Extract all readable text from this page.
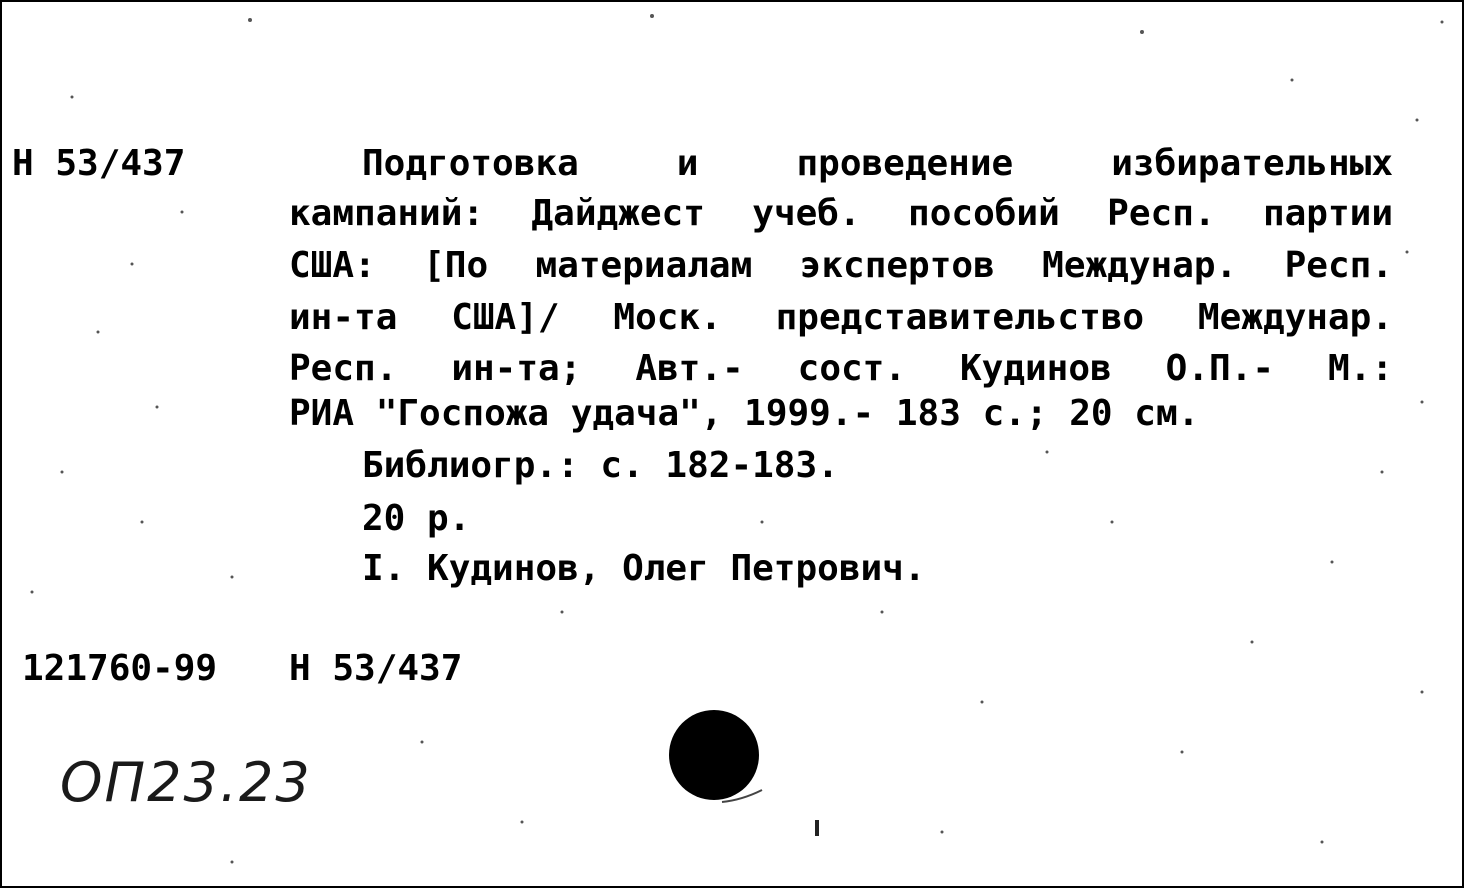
Н 53/437	Подготовка и проведение избирательных
кампаний: Дайджест учеб. пособий Респ. партии
США: [По материалам экспертов Междунар. Респ.
ин-та США]/ Моск. представительство Междунар.
Респ. ин-та; Авт.- сост. Кудинов О.П.- М.:
РИА "Госпожа удача", 1999.- 183 с.; 20 см.
Библиогр.: с. 182-183.
20 р.
I. Кудинов, Олег Петрович.
121760-99 Н 53/437
ОП23.23
